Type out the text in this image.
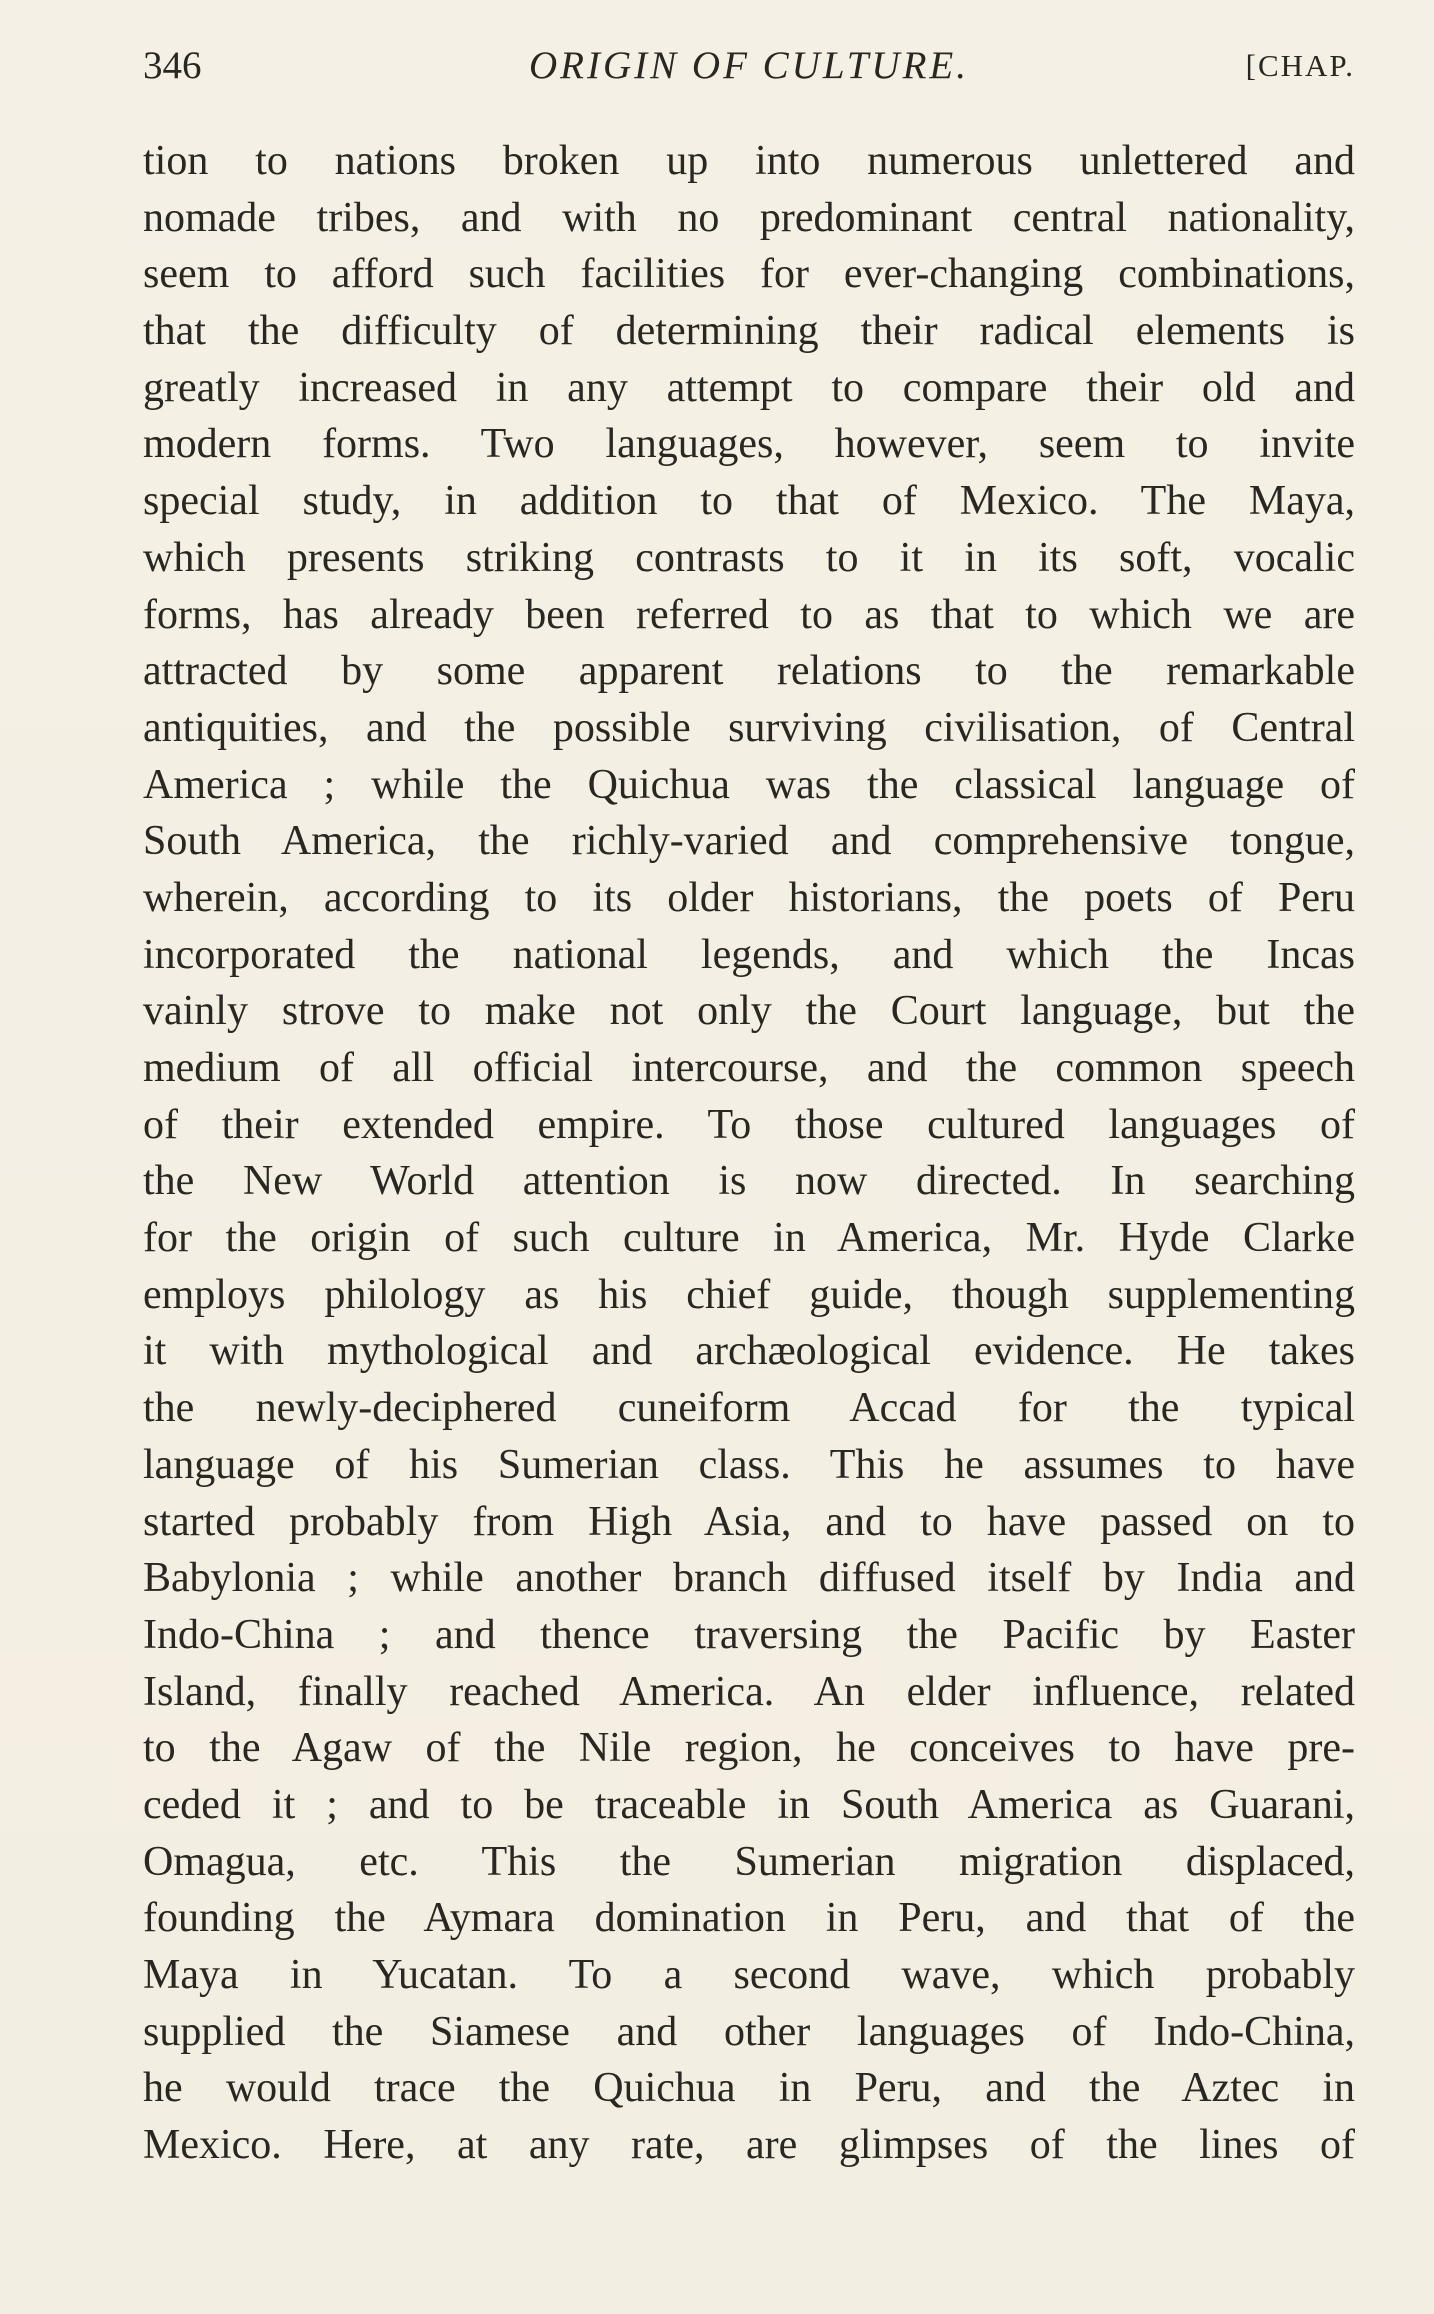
346	ORIGIN OF CULTURE.	[CHAP.
tion to nations broken up into numerous unlettered and
nomade tribes, and with no predominant central nationality,
seem to afford such facilities for ever-changing combinations,
that the difficulty of determining their radical elements is
greatly increased in any attempt to compare their old and
modern forms. Two languages, however, seem to invite
special study, in addition to that of Mexico. The Maya,
which presents striking contrasts to it in its soft, vocalic
forms, has already been referred to as that to which we are
attracted by some apparent relations to the remarkable
antiquities, and the possible surviving civilisation, of Central
America ; while the Quichua was the classical language of
South America, the richly-varied and comprehensive tongue,
wherein, according to its older historians, the poets of Peru
incorporated the national legends, and which the Incas
vainly strove to make not only the Court language, but the
medium of all official intercourse, and the common speech
of their extended empire. To those cultured languages of
the New World attention is now directed. In searching
for the origin of such culture in America, Mr. Hyde Clarke
employs philology as his chief guide, though supplementing
it with mythological and archæological evidence. He takes
the newly-deciphered cuneiform Accad for the typical
language of his Sumerian class. This he assumes to have
started probably from High Asia, and to have passed on to
Babylonia ; while another branch diffused itself by India and
Indo-China ; and thence traversing the Pacific by Easter
Island, finally reached America. An elder influence, related
to the Agaw of the Nile region, he conceives to have pre-
ceded it ; and to be traceable in South America as Guarani,
Omagua, etc. This the Sumerian migration displaced,
founding the Aymara domination in Peru, and that of the
Maya in Yucatan. To a second wave, which probably
supplied the Siamese and other languages of Indo-China,
he would trace the Quichua in Peru, and the Aztec in
Mexico. Here, at any rate, are glimpses of the lines of
